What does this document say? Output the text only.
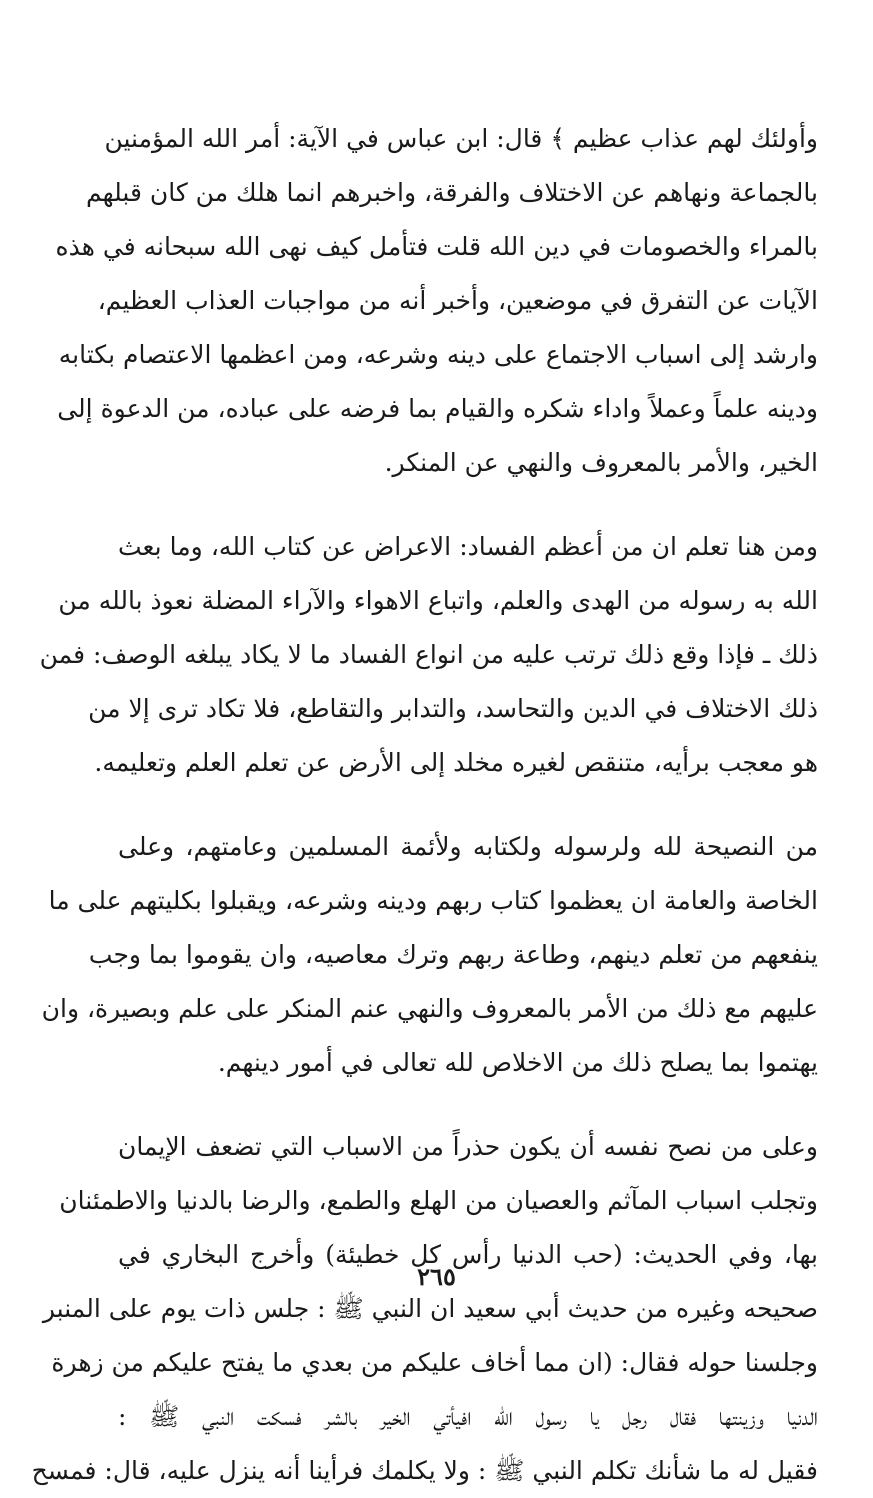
وأولئك لهم عذاب عظيم ﴾ قال: ابن عباس في الآية: أمر الله المؤمنين
بالجماعة ونهاهم عن الاختلاف والفرقة، واخبرهم انما هلك من كان قبلهم
بالمراء والخصومات في دين الله قلت فتأمل كيف نهى الله سبحانه في هذه
الآيات عن التفرق في موضعين، وأخبر أنه من مواجبات العذاب العظيم،
وارشد إلى اسباب الاجتماع على دينه وشرعه، ومن اعظمها الاعتصام بكتابه
ودينه علماً وعملاً واداء شكره والقيام بما فرضه على عباده، من الدعوة إلى
الخير، والأمر بالمعروف والنهي عن المنكر.
ومن هنا تعلم ان من أعظم الفساد: الاعراض عن كتاب الله، وما بعث
الله به رسوله من الهدى والعلم، واتباع الاهواء والآراء المضلة نعوذ بالله من
ذلك ـ فإذا وقع ذلك ترتب عليه من انواع الفساد ما لا يكاد يبلغه الوصف: فمن
ذلك الاختلاف في الدين والتحاسد، والتدابر والتقاطع، فلا تكاد ترى إلا من
هو معجب برأيه، متنقص لغيره مخلد إلى الأرض عن تعلم العلم وتعليمه.
من النصيحة لله ولرسوله ولكتابه ولأئمة المسلمين وعامتهم، وعلى
الخاصة والعامة ان يعظموا كتاب ربهم ودينه وشرعه، ويقبلوا بكليتهم على ما
ينفعهم من تعلم دينهم، وطاعة ربهم وترك معاصيه، وان يقوموا بما وجب
عليهم مع ذلك من الأمر بالمعروف والنهي عنم المنكر على علم وبصيرة، وان
يهتموا بما يصلح ذلك من الاخلاص لله تعالى في أمور دينهم.
وعلى من نصح نفسه أن يكون حذراً من الاسباب التي تضعف الإيمان
وتجلب اسباب المآثم والعصيان من الهلع والطمع، والرضا بالدنيا والاطمئنان
بها، وفي الحديث: (حب الدنيا رأس كل خطيئة) وأخرج البخاري في
صحيحه وغيره من حديث أبي سعيد ان النبي ﷺ : جلس ذات يوم على المنبر
وجلسنا حوله فقال: (ان مما أخاف عليكم من بعدي ما يفتح عليكم من زهرة
الدنيا وزينتها فقال رجل يا رسول الله افيأتي الخير بالشر فسكت النبي ﷺ :
فقيل له ما شأنك تكلم النبي ﷺ : ولا يكلمك فرأينا أنه ينزل عليه، قال: فمسح
٢٦٥
